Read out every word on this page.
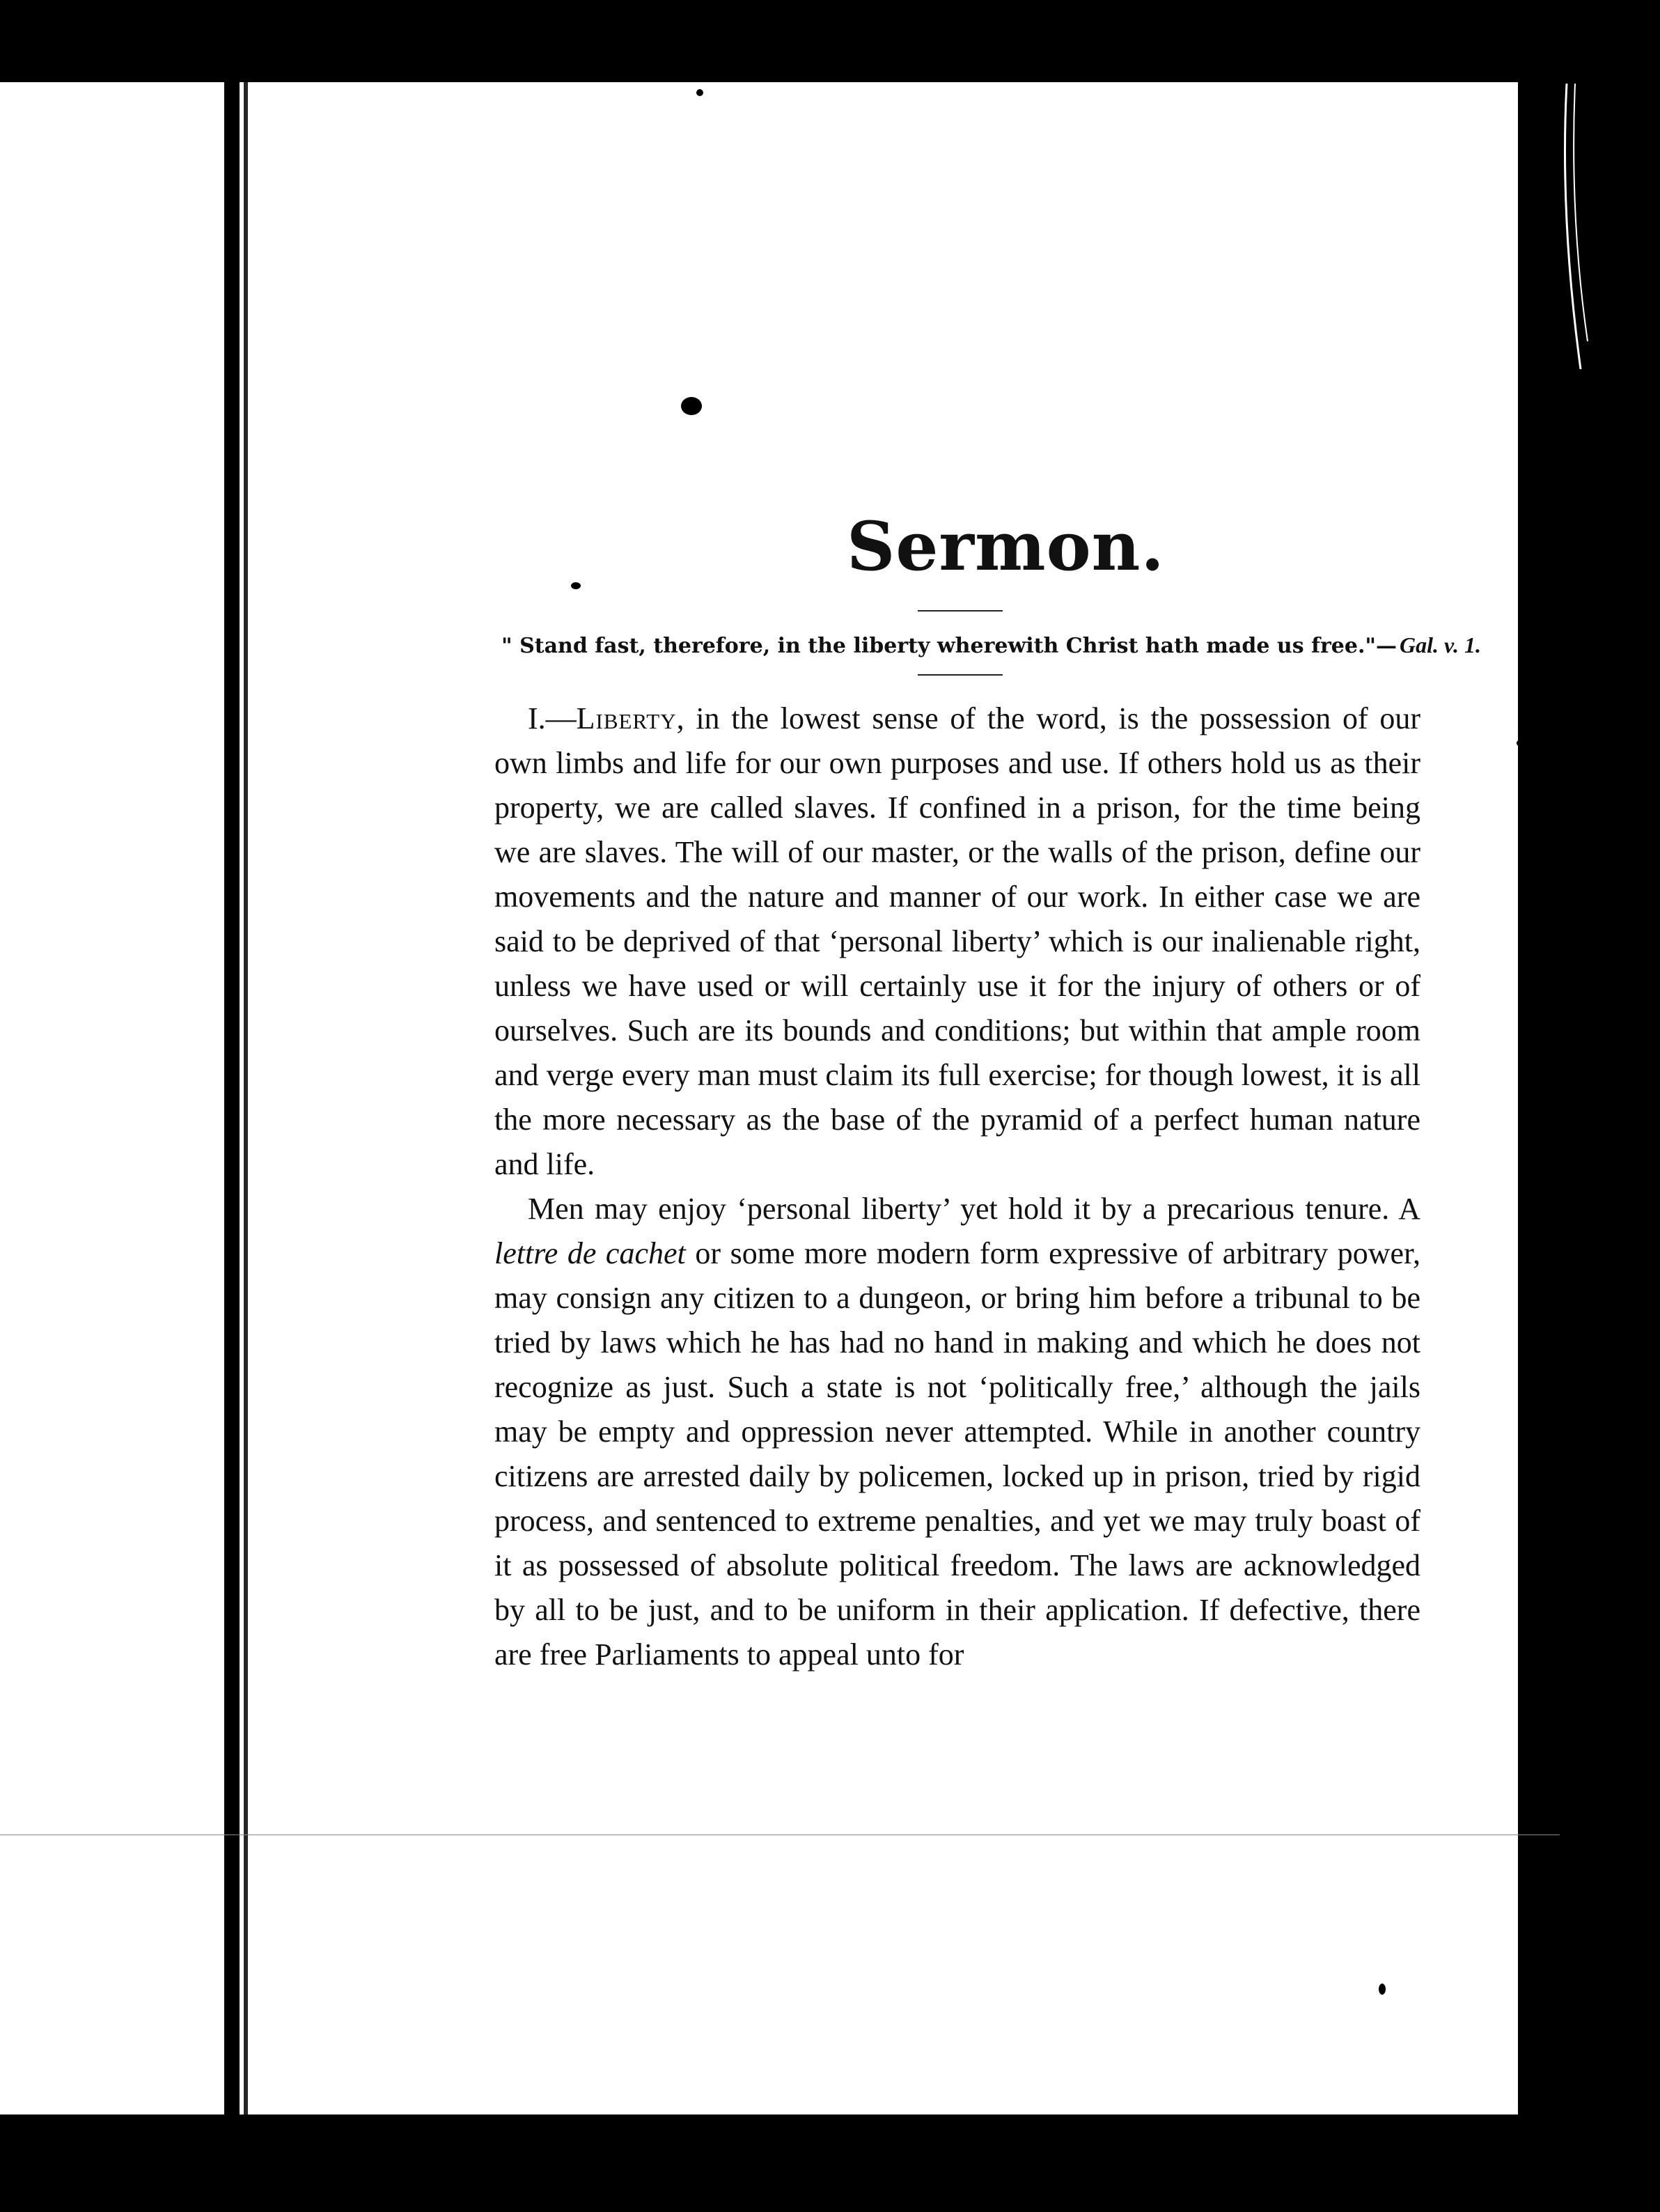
Sermon.
" Stand fast, therefore, in the liberty wherewith Christ hath made us free."— Gal. v. 1.

I.—Liberty, in the lowest sense of the word, is the possession of our own limbs and life for our own purposes and use. If others hold us as their property, we are called slaves. If confined in a prison, for the time being we are slaves. The will of our master, or the walls of the prison, define our movements and the nature and manner of our work. In either case we are said to be deprived of that ‘personal liberty’ which is our inalienable right, unless we have used or will certainly use it for the injury of others or of ourselves. Such are its bounds and conditions; but within that ample room and verge every man must claim its full exercise; for though lowest, it is all the more necessary as the base of the pyramid of a perfect human nature and life.

Men may enjoy ‘personal liberty’ yet hold it by a precarious tenure. A lettre de cachet or some more modern form expressive of arbitrary power, may consign any citizen to a dungeon, or bring him before a tribunal to be tried by laws which he has had no hand in making and which he does not recognize as just. Such a state is not ‘politically free,’ although the jails may be empty and oppression never attempted. While in another country citizens are arrested daily by policemen, locked up in prison, tried by rigid process, and sentenced to extreme penalties, and yet we may truly boast of it as possessed of absolute political freedom. The laws are acknowledged by all to be just, and to be uniform in their application. If defective, there are free Parliaments to appeal unto for
